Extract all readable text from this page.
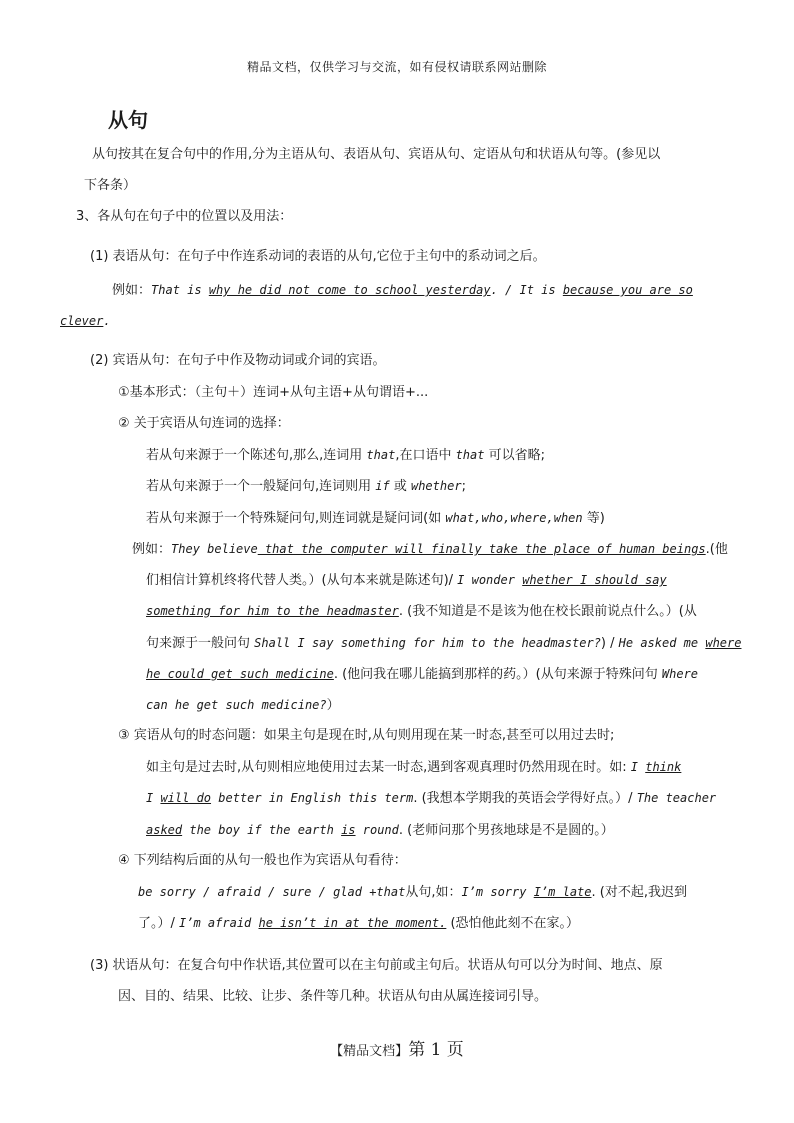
精品文档，仅供学习与交流，如有侵权请联系网站删除
从句
从句按其在复合句中的作用,分为主语从句、表语从句、宾语从句、定语从句和状语从句等。(参见以
下各条）
3、各从句在句子中的位置以及用法：
(1) 表语从句：在句子中作连系动词的表语的从句,它位于主句中的系动词之后。
例如：That is why he did not come to school yesterday. / It is because you are so
clever.
(2) 宾语从句：在句子中作及物动词或介词的宾语。
①基本形式：（主句＋）连词+从句主语+从句谓语+...
② 关于宾语从句连词的选择：
若从句来源于一个陈述句,那么,连词用 that,在口语中 that 可以省略;
若从句来源于一个一般疑问句,连词则用 if 或 whether;
若从句来源于一个特殊疑问句,则连词就是疑问词(如 what,who,where,when 等)
例如：They believe that the computer will finally take the place of human beings.(他
们相信计算机终将代替人类。）(从句本来就是陈述句)/ I wonder whether I should say
something for him to the headmaster. (我不知道是不是该为他在校长跟前说点什么。）(从
句来源于一般问句 Shall I say something for him to the headmaster?) / He asked me where
he could get such medicine. (他问我在哪儿能搞到那样的药。）(从句来源于特殊问句 Where
can he get such medicine?）
③ 宾语从句的时态问题：如果主句是现在时,从句则用现在某一时态,甚至可以用过去时;
如主句是过去时,从句则相应地使用过去某一时态,遇到客观真理时仍然用现在时。如: I think
I will do better in English this term. (我想本学期我的英语会学得好点。）/ The teacher
asked the boy if the earth is round. (老师问那个男孩地球是不是圆的。）
④ 下列结构后面的从句一般也作为宾语从句看待：
be sorry / afraid / sure / glad +that从句,如：I’m sorry I’m late. (对不起,我迟到
了。）/ I’m afraid he isn’t in at the moment. (恐怕他此刻不在家。）
(3) 状语从句：在复合句中作状语,其位置可以在主句前或主句后。状语从句可以分为时间、地点、原
因、目的、结果、比较、让步、条件等几种。状语从句由从属连接词引导。
【精品文档】第 1 页
